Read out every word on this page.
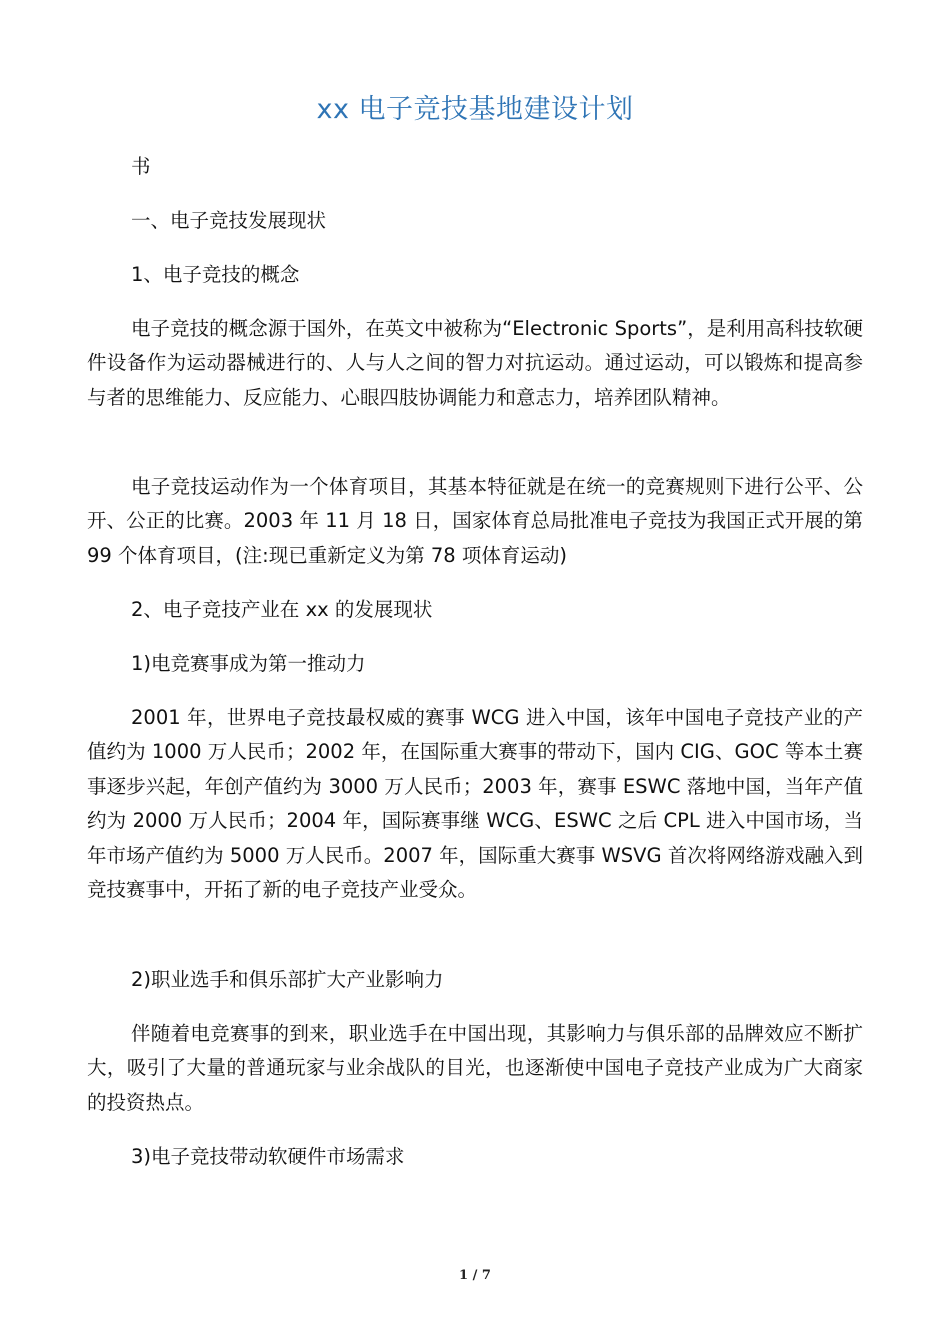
xx 电子竞技基地建设计划

书

一、电子竞技发展现状

1、电子竞技的概念

电子竞技的概念源于国外，在英文中被称为“Electronic Sports”，是利用高科技软硬件设备作为运动器械进行的、人与人之间的智力对抗运动。通过运动，可以锻炼和提高参与者的思维能力、反应能力、心眼四肢协调能力和意志力，培养团队精神。

电子竞技运动作为一个体育项目，其基本特征就是在统一的竞赛规则下进行公平、公开、公正的比赛。2003 年 11 月 18 日，国家体育总局批准电子竞技为我国正式开展的第 99 个体育项目，(注:现已重新定义为第 78 项体育运动)

2、电子竞技产业在 xx 的发展现状

1)电竞赛事成为第一推动力

2001 年，世界电子竞技最权威的赛事 WCG 进入中国，该年中国电子竞技产业的产值约为 1000 万人民币；2002 年，在国际重大赛事的带动下，国内 CIG、GOC 等本土赛事逐步兴起，年创产值约为 3000 万人民币；2003 年，赛事 ESWC 落地中国，当年产值约为 2000 万人民币；2004 年，国际赛事继 WCG、ESWC 之后 CPL 进入中国市场，当年市场产值约为 5000 万人民币。2007 年，国际重大赛事 WSVG 首次将网络游戏融入到竞技赛事中，开拓了新的电子竞技产业受众。

2)职业选手和俱乐部扩大产业影响力

伴随着电竞赛事的到来，职业选手在中国出现，其影响力与俱乐部的品牌效应不断扩大，吸引了大量的普通玩家与业余战队的目光，也逐渐使中国电子竞技产业成为广大商家的投资热点。

3)电子竞技带动软硬件市场需求

1 / 7
